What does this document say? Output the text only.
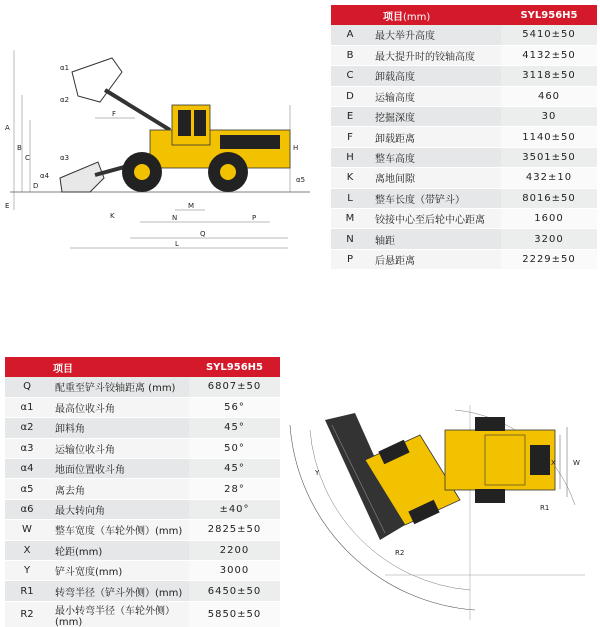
A
B
C
D
E
F
H
K
L
M
N	P
Q
α1
α2
α3
α4	α5
项目(mm)		SYL956H5
A	最大举升高度	5410±50
B	最大提升时的铰轴高度	4132±50
C	卸载高度	3118±50
D	运输高度	460
E	挖掘深度	30
F	卸载距离	1140±50
H	整车高度	3501±50
K	离地间隙	432±10
L	整车长度（带铲斗）	8016±50
M	铰接中心至后轮中心距离	1600
N	轴距	3200
P	后悬距离	2229±50
项目		SYL956H5
Q	配重至铲斗铰轴距离 (mm)	6807±50
α1	最高位收斗角	56°
α2	卸料角	45°
α3	运输位收斗角	50°
α4	地面位置收斗角	45°
α5	离去角	28°
α6	最大转向角	±40°
W	整车宽度（车轮外侧）(mm)	2825±50
X	轮距(mm)	2200
Y	铲斗宽度(mm)	3000
R1	转弯半径（铲斗外侧）(mm)	6450±50
R2	最小转弯半径（车轮外侧）(mm)	5850±50
R1
R2
W
X
Y
